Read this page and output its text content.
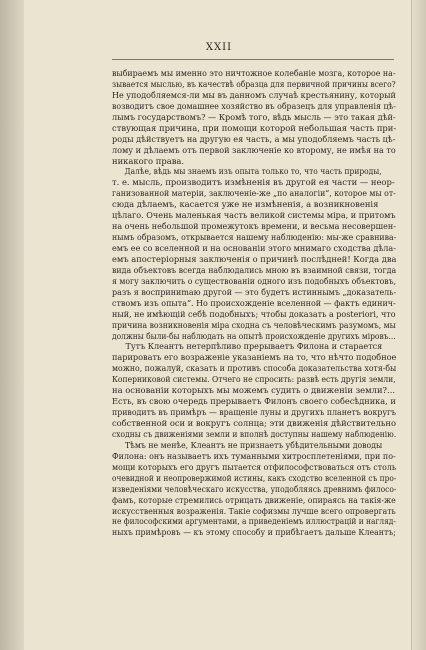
XXII
выбираемъ мы именно это ничтожное колебаніе мозга, которое на-
зывается мыслью, въ качествѣ образца для первичной причины всего?
Не уподобляемся-ли мы въ данномъ случаѣ крестьянину, который
возводитъ свое домашнее хозяйство въ образецъ для управленія цѣ-
лымъ государствомъ? — Кромѣ того, вѣдь мысль — это такая дѣй-
ствующая причина, при помощи которой небольшая часть при-
роды дѣйствуетъ на другую ея часть, а мы уподобляемъ часть цѣ-
лому и дѣлаемъ отъ первой заключеніе ко второму, не имѣя на то
никакого права.
Далѣе, вѣдь мы знаемъ изъ опыта только то, что часть природы,
т. е. мысль, производитъ измѣненія въ другой ея части — неор-
ганизованной матеріи, заключеніе-же „по аналогіи“, которое мы от-
сюда дѣлаемъ, касается уже не измѣненія, а возникновенія
цѣлаго. Очень маленькая часть великой системы міра, и притомъ
на очень небольшой промежутокъ времени, и весьма несовершен-
нымъ образомъ, открывается нашему наблюденію: мы-же сравнива-
емъ ее со вселенной и на основаніи этого мнимаго сходства дѣла-
емъ апостеріорныя заключенія о причинѣ послѣдней! Когда два
вида объектовъ всегда наблюдались мною въ взаимной связи, тогда
я могу заключить о существованіи одного изъ подобныхъ объектовъ,
разъ я восприниmаю другой — это будетъ истиннымъ „доказатель-
ствомъ изъ опыта“. Но происхожденіе вселенной — фактъ единич-
ный, не имѣющій себѣ подобныхъ; чтобы доказать a posteriori, что
причина возникновенія міра сходна съ человѣческимъ разумомъ, мы
должны были-бы наблюдать на опытѣ происхожденіе другихъ міровъ...
Тутъ Клеантъ нетерпѣливо прерываетъ Филона и старается
парировать его возраженіе указаніемъ на то, что нѣчто подобное
можно, пожалуй, сказать и противъ способа доказательства хотя-бы
Коперниковой системы. Отчего не спросить: развѣ есть другія земли,
на основаніи которыхъ мы можемъ судить о движеніи земли?...
Есть, въ свою очередь прерываетъ Филонъ своего собесѣдника, и
приводитъ въ примѣръ — вращеніе луны и другихъ планетъ вокругъ
собственной оси и вокругъ солнца; эти движенія дѣйствительно
сходны съ движеніями земли и вполнѣ доступны нашему наблюденію.
Тѣмъ не менѣе, Клеантъ не признаетъ убѣдительными доводы
Филона: онъ называетъ ихъ туманными хитросплетеніями, при по-
мощи которыхъ его другъ пытается отфилософствоваться отъ столь
очевидной и неопровержимой истины, какъ сходство вселенной съ про-
изведеніями человѣческаго искусства, уподобляясь древнимъ филосо-
фамъ, которые стремились отрицать движеніе, опираясь на такія-же
искусственныя возраженія. Такіе софизмы лучше всего опровергать
не философскими аргументами, а приведеніемъ иллюстрацій и нагляд-
ныхъ примѣровъ — къ этому способу и прибѣгаетъ дальше Клеантъ;
